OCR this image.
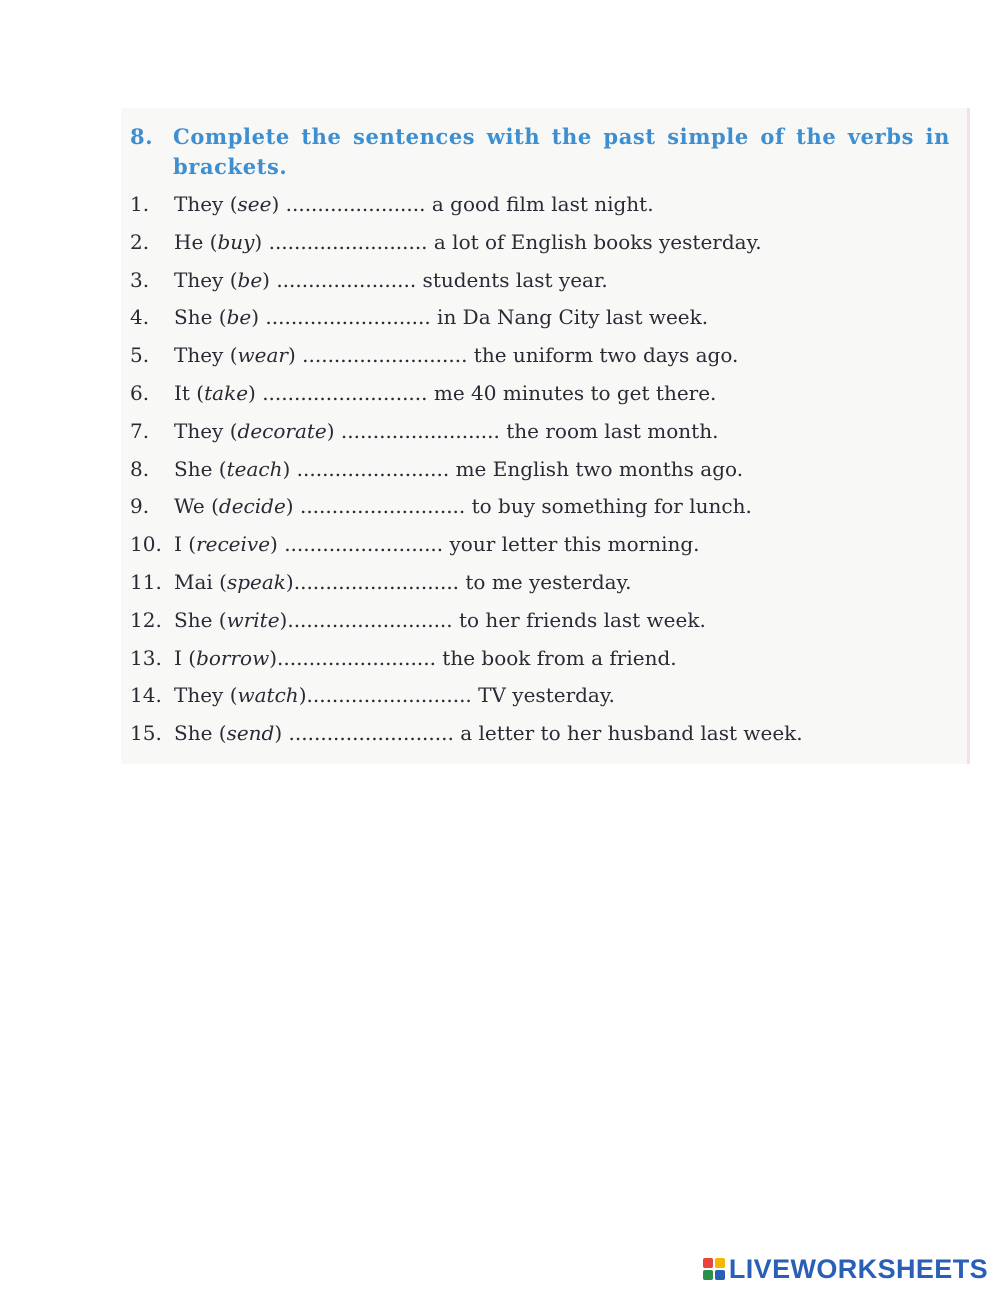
8. Complete the sentences with the past simple of the verbs in brackets.
1. They (see) ...................... a good film last night.
2. He (buy) ......................... a lot of English books yesterday.
3. They (be) ...................... students last year.
4. She (be) .......................... in Da Nang City last week.
5. They (wear) .......................... the uniform two days ago.
6. It (take) .......................... me 40 minutes to get there.
7. They (decorate) ......................... the room last month.
8. She (teach) ........................ me English two months ago.
9. We (decide) .......................... to buy something for lunch.
10. I (receive) ......................... your letter this morning.
11. Mai (speak).......................... to me yesterday.
12. She (write).......................... to her friends last week.
13. I (borrow)......................... the book from a friend.
14. They (watch).......................... TV yesterday.
15. She (send) .......................... a letter to her husband last week.
LIVEWORKSHEETS
